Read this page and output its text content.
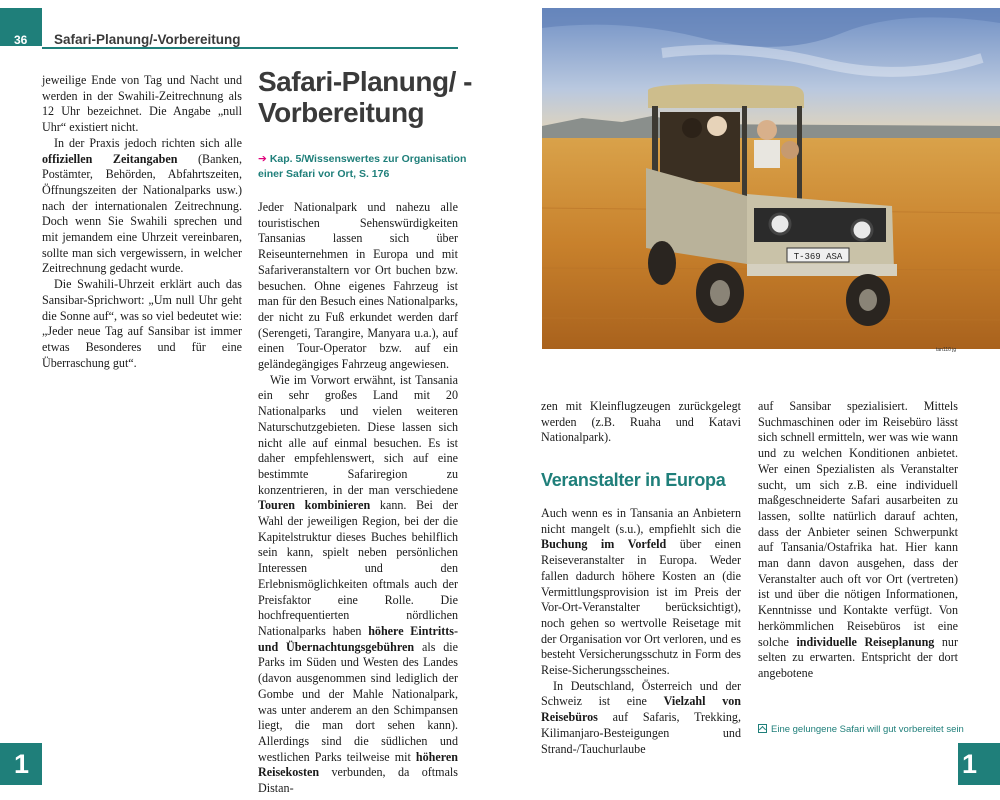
36	Safari-Planung/-Vorbereitung

jeweilige Ende von Tag und Nacht und werden in der Swahili-Zeitrechnung als 12 Uhr bezeichnet. Die Angabe „null Uhr“ existiert nicht.

In der Praxis jedoch richten sich alle offiziellen Zeitangaben (Banken, Postämter, Behörden, Abfahrtszeiten, Öffnungszeiten der Nationalparks usw.) nach der internationalen Zeitrechnung. Doch wenn Sie Swahili sprechen und mit jemandem eine Uhrzeit vereinbaren, sollte man sich vergewissern, in welcher Zeitrechnung gedacht wurde.

Die Swahili-Uhrzeit erklärt auch das Sansibar-Sprichwort: „Um null Uhr geht die Sonne auf“, was so viel bedeutet wie: „Jeder neue Tag auf Sansibar ist immer etwas Besonderes und für eine Überraschung gut“.

Safari-Planung/ -Vorbereitung
➔ Kap. 5/Wissenswertes zur Organisation einer Safari vor Ort, S. 176

Jeder Nationalpark und nahezu alle touristischen Sehenswürdigkeiten Tansanias lassen sich über Reiseunternehmen in Europa und mit Safariveranstaltern vor Ort buchen bzw. besuchen. Ohne eigenes Fahrzeug ist man für den Besuch eines Nationalparks, der nicht zu Fuß erkundet werden darf (Serengeti, Tarangire, Manyara u.a.), auf einen Tour-Operator bzw. auf ein geländegängiges Fahrzeug angewiesen.

Wie im Vorwort erwähnt, ist Tansania ein sehr großes Land mit 20 Nationalparks und vielen weiteren Naturschutzgebieten. Diese lassen sich nicht alle auf einmal besuchen. Es ist daher empfehlenswert, sich auf eine bestimmte Safariregion zu konzentrieren, in der man verschiedene Touren kombinieren kann. Bei der Wahl der jeweiligen Region, bei der die Kapitelstruktur dieses Buches behilflich sein kann, spielt neben persönlichen Interessen und den Erlebnismöglichkeiten oftmals auch der Preisfaktor eine Rolle. Die hochfrequentierten nördlichen Nationalparks haben höhere Eintritts- und Übernachtungsgebühren als die Parks im Süden und Westen des Landes (davon ausgenommen sind lediglich der Gombe und der Mahle Nationalpark, was unter anderem an den Schimpansen liegt, die man dort sehen kann). Allerdings sind die südlichen und westlichen Parks teilweise mit höheren Reisekosten verbunden, da oftmals Distan-

T-369 ASA
tan110 jg

zen mit Kleinflugzeugen zurückgelegt werden (z.B. Ruaha und Katavi Nationalpark).

Veranstalter in Europa

Auch wenn es in Tansania an Anbietern nicht mangelt (s.u.), empfiehlt sich die Buchung im Vorfeld über einen Reiseveranstalter in Europa. Weder fallen dadurch höhere Kosten an (die Vermittlungsprovision ist im Preis der Vor-Ort-Veranstalter berücksichtigt), noch gehen so wertvolle Reisetage mit der Organisation vor Ort verloren, und es besteht Versicherungsschutz in Form des Reise-Sicherungsscheines.

In Deutschland, Österreich und der Schweiz ist eine Vielzahl von Reisebüros auf Safaris, Trekking, Kilimanjaro-Besteigungen und Strand-/Tauchurlaube

auf Sansibar spezialisiert. Mittels Suchmaschinen oder im Reisebüro lässt sich schnell ermitteln, wer was wie wann und zu welchen Konditionen anbietet. Wer einen Spezialisten als Veranstalter sucht, um sich z.B. eine individuell maßgeschneiderte Safari ausarbeiten zu lassen, sollte natürlich darauf achten, dass der Anbieter seinen Schwerpunkt auf Tansania/Ostafrika hat. Hier kann man dann davon ausgehen, dass der Veranstalter auch oft vor Ort (vertreten) ist und über die nötigen Informationen, Kenntnisse und Kontakte verfügt. Von herkömmlichen Reisebüros ist eine solche individuelle Reiseplanung nur selten zu erwarten. Entspricht der dort angebotene

Eine gelungene Safari will gut vorbereitet sein
1	1
